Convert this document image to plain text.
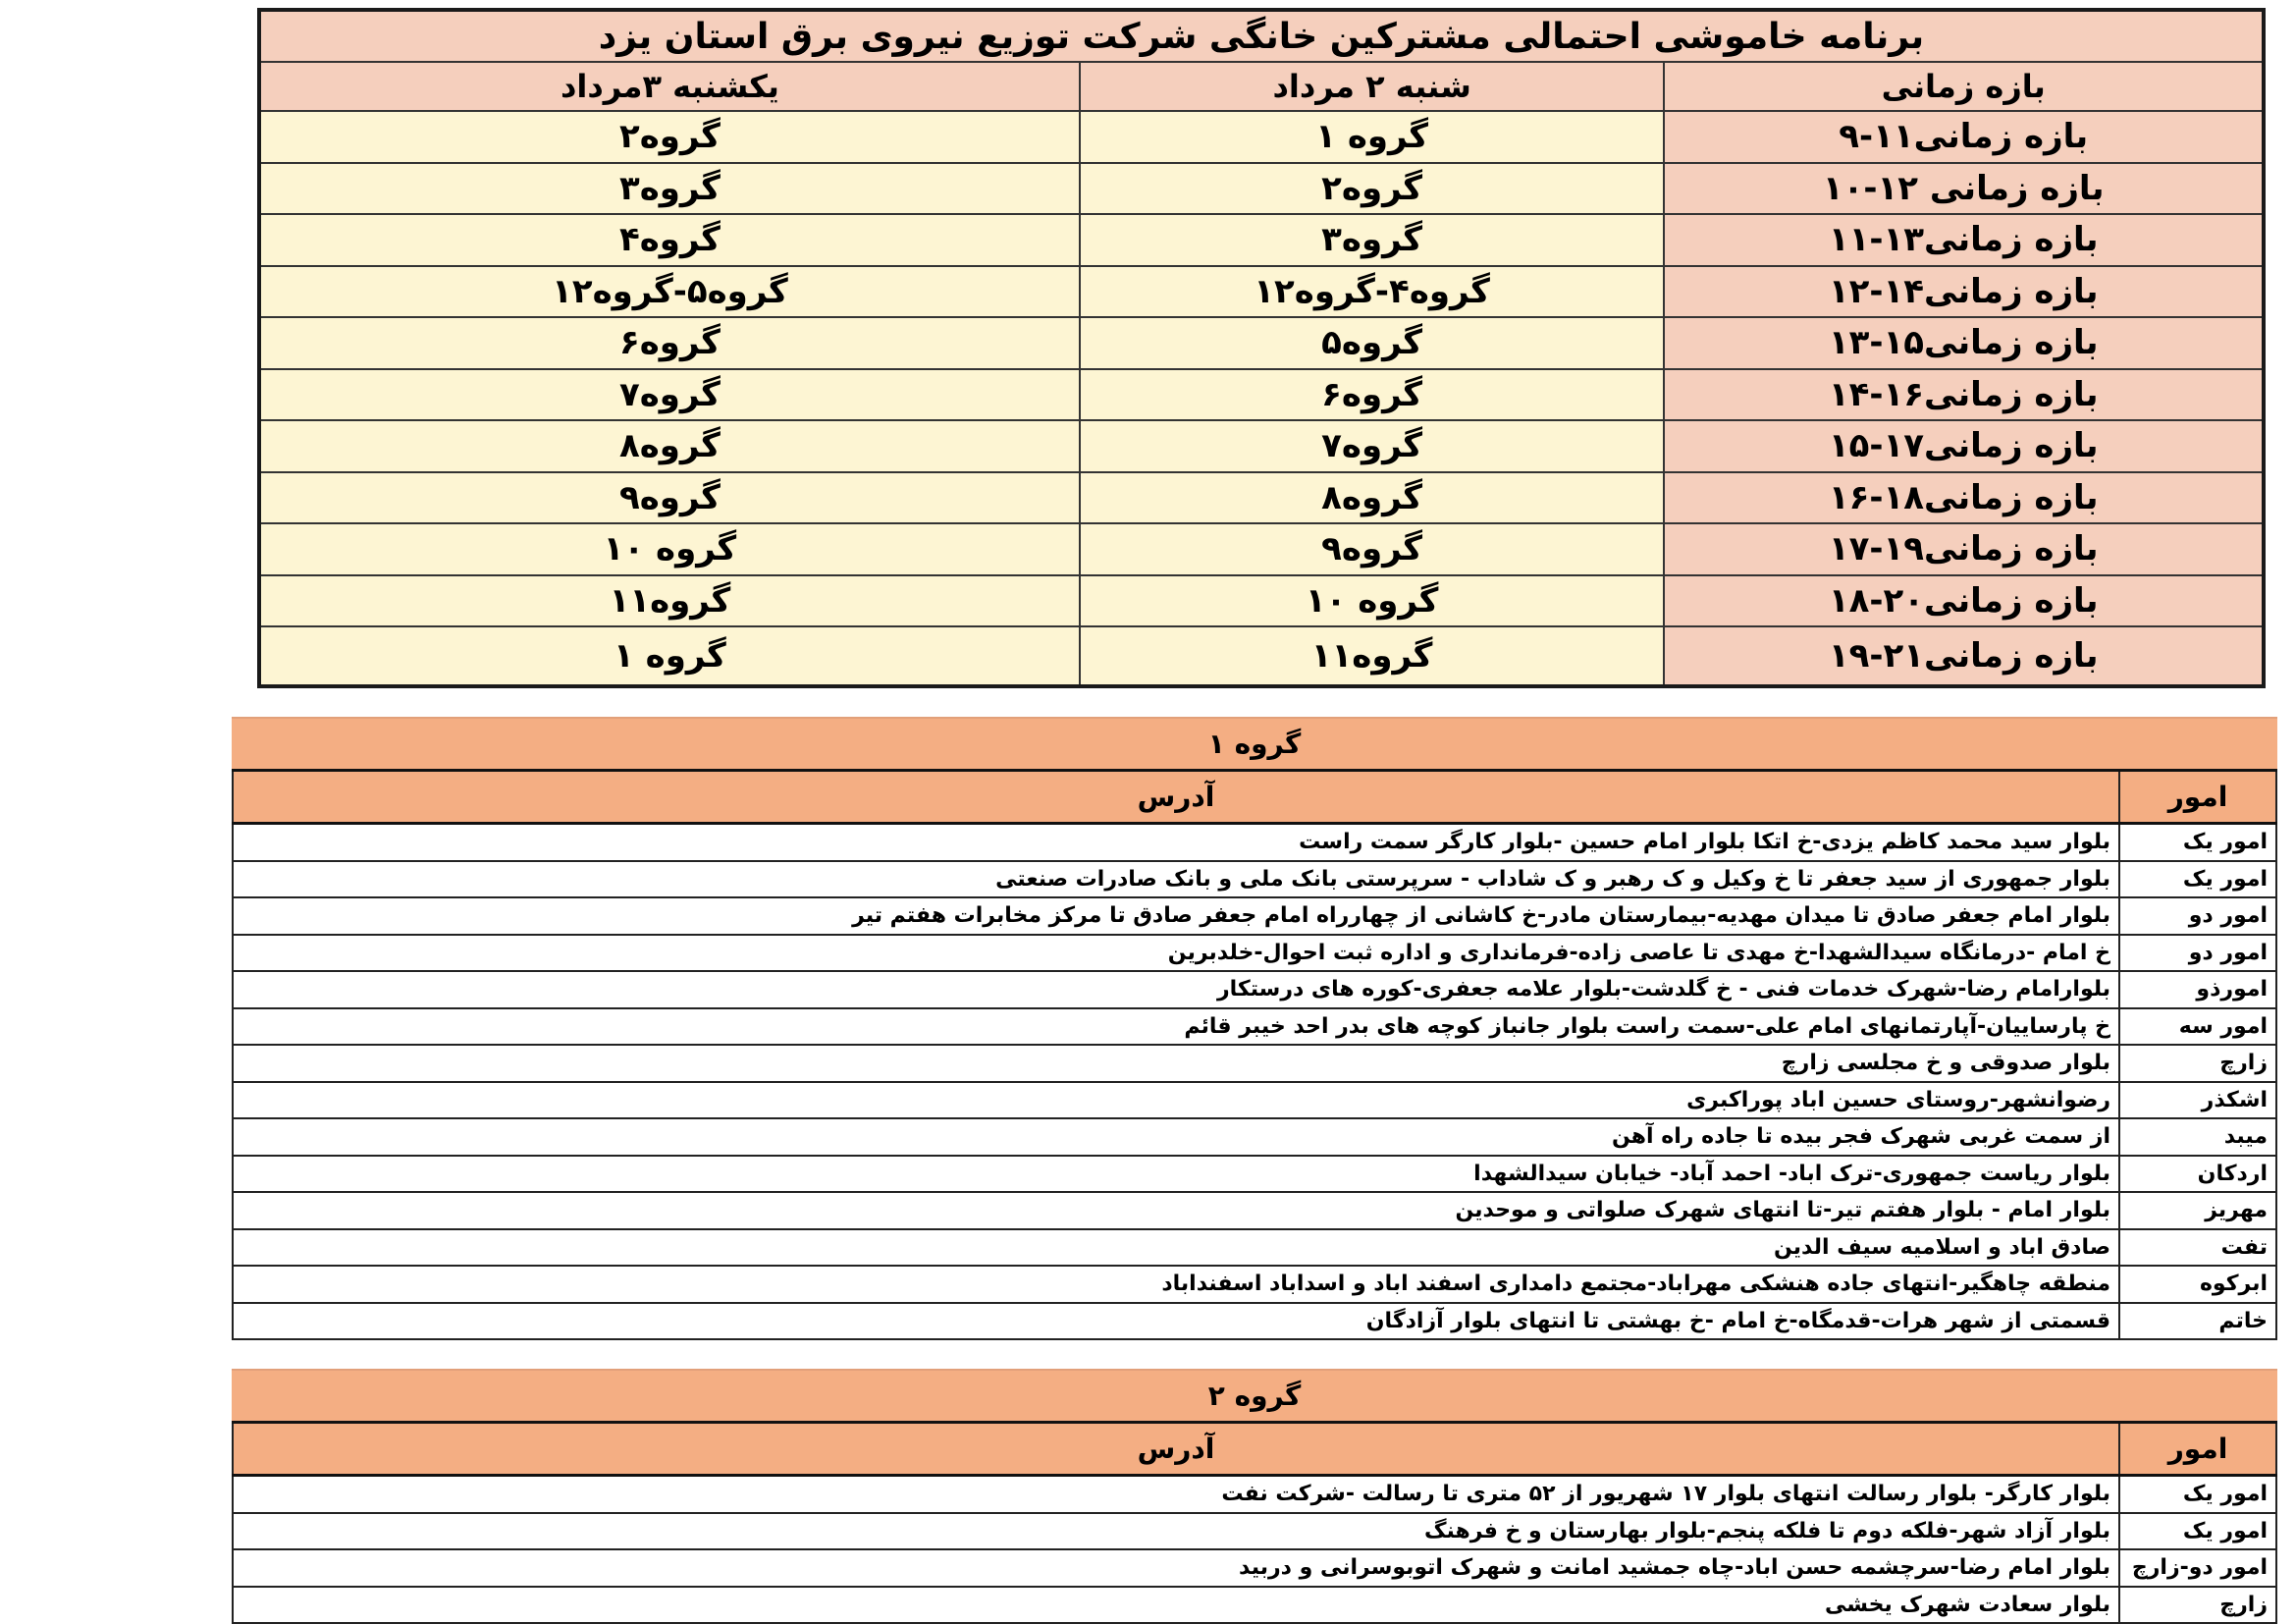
برنامه خاموشی احتمالی مشترکین خانگی شرکت توزیع نیروی برق استان یزد		
بازه زمانی	شنبه ۲ مرداد	یکشنبه ۳مرداد
بازه زمانی۱۱-۹	گروه ۱	گروه۲
بازه زمانی ۱۲-۱۰	گروه۲	گروه۳
بازه زمانی۱۳-۱۱	گروه۳	گروه۴
بازه زمانی۱۴-۱۲	گروه۴-گروه۱۲	گروه۵-گروه۱۲
بازه زمانی۱۵-۱۳	گروه۵	گروه۶
بازه زمانی۱۶-۱۴	گروه۶	گروه۷
بازه زمانی۱۷-۱۵	گروه۷	گروه۸
بازه زمانی۱۸-۱۶	گروه۸	گروه۹
بازه زمانی۱۹-۱۷	گروه۹	گروه ۱۰
بازه زمانی۲۰-۱۸	گروه ۱۰	گروه۱۱
بازه زمانی۲۱-۱۹	گروه۱۱	گروه ۱
گروه ۱
امور	آدرس
امور یک	بلوار سید محمد کاظم یزدی-خ اتکا بلوار امام حسین -بلوار کارگر سمت راست
امور یک	بلوار جمهوری از سید جعفر تا خ وکیل و ک رهبر و ک شاداب - سرپرستی بانک ملی و بانک صادرات صنعتی
امور دو	بلوار امام جعفر صادق تا میدان مهدیه-بیمارستان مادر-خ کاشانی از چهارراه امام جعفر صادق تا مرکز مخابرات هفتم تیر
امور دو	خ امام -درمانگاه سیدالشهدا-خ مهدی تا عاصی زاده-فرمانداری و اداره ثبت احوال-خلدبرین
امورذو	بلوارامام رضا-شهرک خدمات فنی - خ گلدشت-بلوار علامه جعفری-کوره های درستکار
امور سه	خ پارساییان-آپارتمانهای امام علی-سمت راست بلوار جانباز کوچه های بدر احد خیبر قائم
زارچ	بلوار صدوقی و خ مجلسی زارچ
اشکذر	رضوانشهر-روستای حسین اباد پوراکبری
میبد	از سمت غربی شهرک فجر بیده تا جاده راه آهن
اردکان	بلوار ریاست جمهوری-ترک اباد- احمد آباد- خیابان سیدالشهدا
مهریز	بلوار امام - بلوار هفتم تیر-تا انتهای شهرک صلواتی و موحدین
تفت	صادق اباد و اسلامیه سیف الدین
ابرکوه	منطقه چاهگیر-انتهای جاده هنشکی مهراباد-مجتمع دامداری اسفند اباد و اسداباد اسفنداباد
خاتم	قسمتی از شهر هرات-قدمگاه-خ امام -خ بهشتی تا انتهای بلوار آزادگان
گروه ۲
امور	آدرس
امور یک	بلوار کارگر- بلوار رسالت انتهای بلوار ۱۷ شهریور از ۵۲ متری تا رسالت -شرکت نفت
امور یک	بلوار آزاد شهر-فلکه دوم تا فلکه پنجم-بلوار بهارستان و خ فرهنگ
امور دو-زارچ	بلوار امام رضا-سرچشمه حسن اباد-چاه جمشید امانت و شهرک اتوبوسرانی و دربید
زارچ	بلوار سعادت شهرک یخشی
